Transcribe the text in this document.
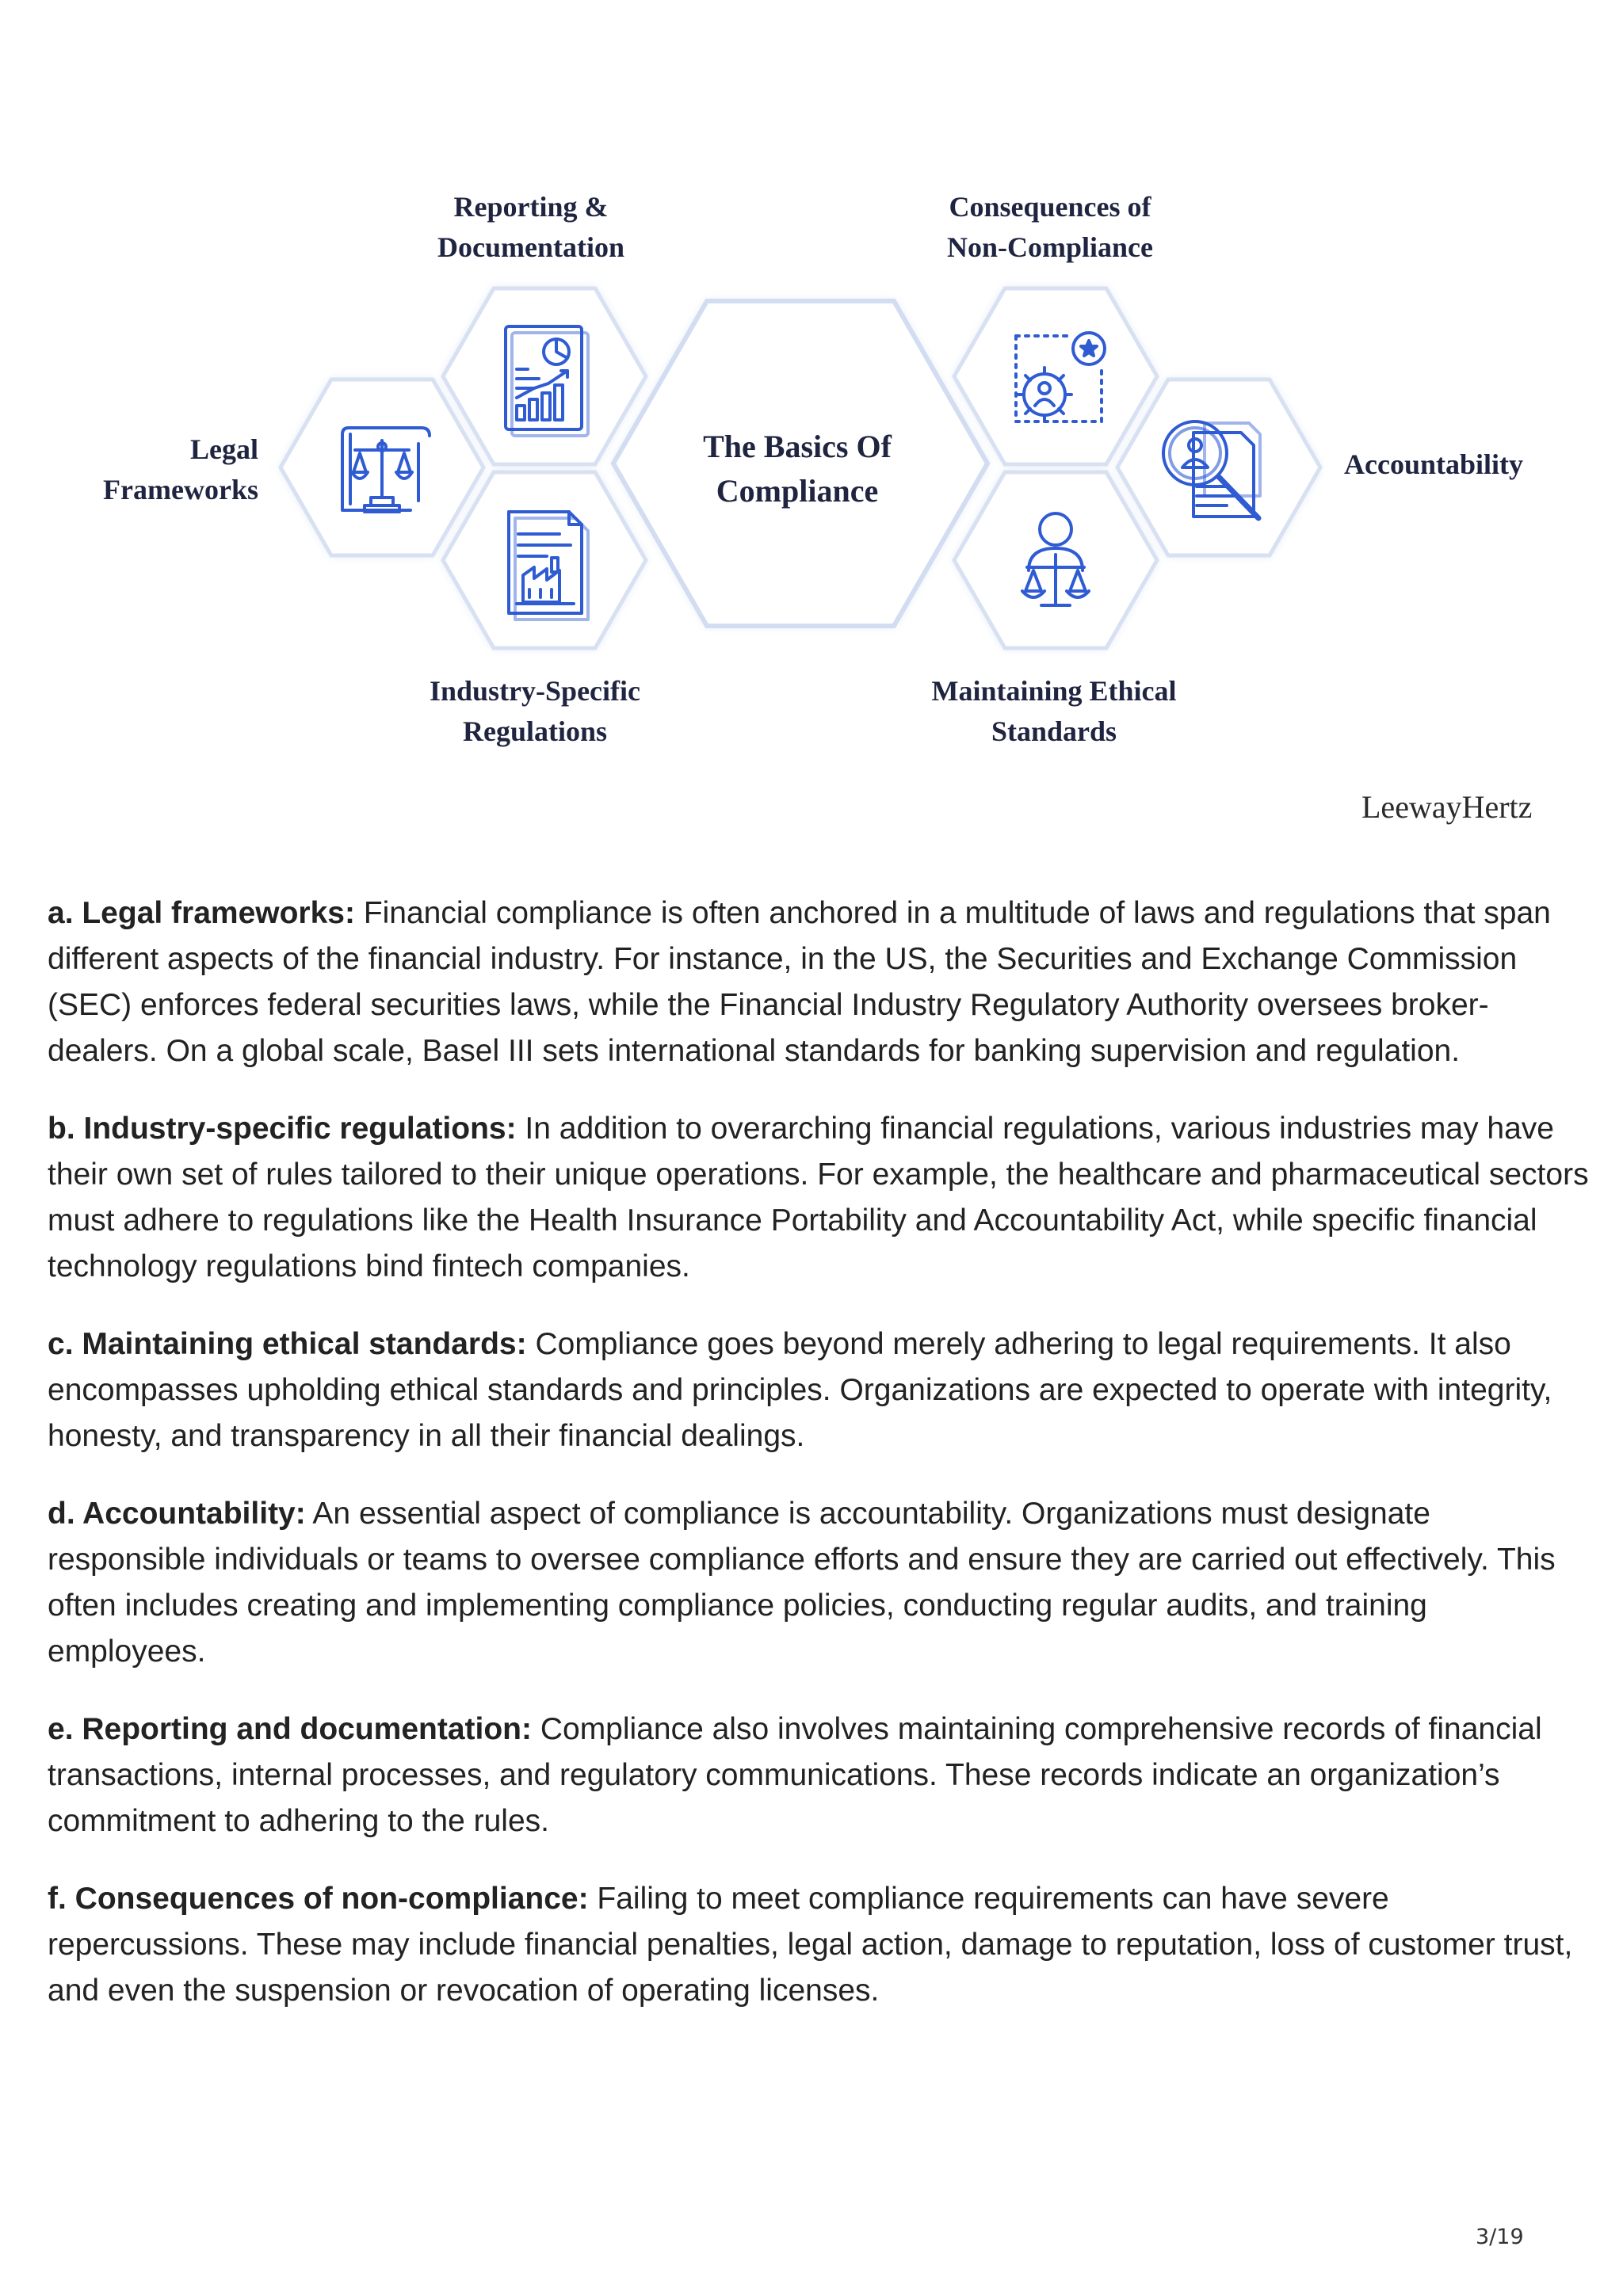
Reporting &
Documentation
Legal
Frameworks
Industry-Specific
Regulations
Consequences of
Non-Compliance
Accountability
Maintaining Ethical
Standards
The Basics Of
Compliance
LeewayHertz

a. Legal frameworks: Financial compliance is often anchored in a multitude of laws and regulations that span different aspects of the financial industry. For instance, in the US, the Securities and Exchange Commission (SEC) enforces federal securities laws, while the Financial Industry Regulatory Authority oversees broker-dealers. On a global scale, Basel III sets international standards for banking supervision and regulation.

b. Industry-specific regulations: In addition to overarching financial regulations, various industries may have their own set of rules tailored to their unique operations. For example, the healthcare and pharmaceutical sectors must adhere to regulations like the Health Insurance Portability and Accountability Act, while specific financial technology regulations bind fintech companies.

c. Maintaining ethical standards: Compliance goes beyond merely adhering to legal requirements. It also encompasses upholding ethical standards and principles. Organizations are expected to operate with integrity, honesty, and transparency in all their financial dealings.

d. Accountability: An essential aspect of compliance is accountability. Organizations must designate responsible individuals or teams to oversee compliance efforts and ensure they are carried out effectively. This often includes creating and implementing compliance policies, conducting regular audits, and training employees.

e. Reporting and documentation: Compliance also involves maintaining comprehensive records of financial transactions, internal processes, and regulatory communications. These records indicate an organization’s commitment to adhering to the rules.

f. Consequences of non-compliance: Failing to meet compliance requirements can have severe repercussions. These may include financial penalties, legal action, damage to reputation, loss of customer trust, and even the suspension or revocation of operating licenses.

3/19
